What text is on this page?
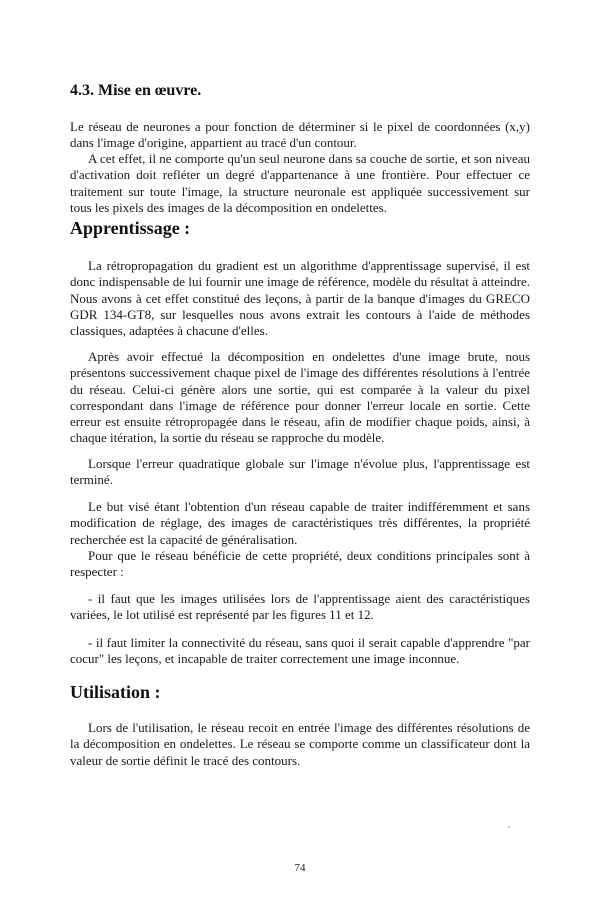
4.3. Mise en œuvre.

Le réseau de neurones a pour fonction de déterminer si le pixel de coordonnées (x,y) dans l'image d'origine, appartient au tracé d'un contour.

A cet effet, il ne comporte qu'un seul neurone dans sa couche de sortie, et son niveau d'activation doit refléter un degré d'appartenance à une frontière. Pour effectuer ce traitement sur toute l'image, la structure neuronale est appliquée successivement sur tous les pixels des images de la décomposition en ondelettes.

Apprentissage :

La rétropropagation du gradient est un algorithme d'apprentissage supervisé, il est donc indispensable de lui fournir une image de référence, modèle du résultat à atteindre. Nous avons à cet effet constitué des leçons, à partir de la banque d'images du GRECO GDR 134-GT8, sur lesquelles nous avons extrait les contours à l'aide de méthodes classiques, adaptées à chacune d'elles.

Après avoir effectué la décomposition en ondelettes d'une image brute, nous présentons successivement chaque pixel de l'image des différentes résolutions à l'entrée du réseau. Celui-ci génère alors une sortie, qui est comparée à la valeur du pixel correspondant dans l'image de référence pour donner l'erreur locale en sortie. Cette erreur est ensuite rétropropagée dans le réseau, afin de modifier chaque poids, ainsi, à chaque itération, la sortie du réseau se rapproche du modèle.

Lorsque l'erreur quadratique globale sur l'image n'évolue plus, l'apprentissage est terminé.

Le but visé étant l'obtention d'un réseau capable de traiter indifféremment et sans modification de réglage, des images de caractéristiques très différentes, la propriété recherchée est la capacité de généralisation.

Pour que le réseau bénéficie de cette propriété, deux conditions principales sont à respecter :

- il faut que les images utilisées lors de l'apprentissage aient des caractéristiques variées, le lot utilisé est représenté par les figures 11 et 12.

- il faut limiter la connectivité du réseau, sans quoi il serait capable d'apprendre "par cocur" les leçons, et incapable de traiter correctement une image inconnue.

Utilisation :

Lors de l'utilisation, le réseau recoit en entrée l'image des différentes résolutions de la décomposition en ondelettes. Le réseau se comporte comme un classificateur dont la valeur de sortie définit le tracé des contours.

74
